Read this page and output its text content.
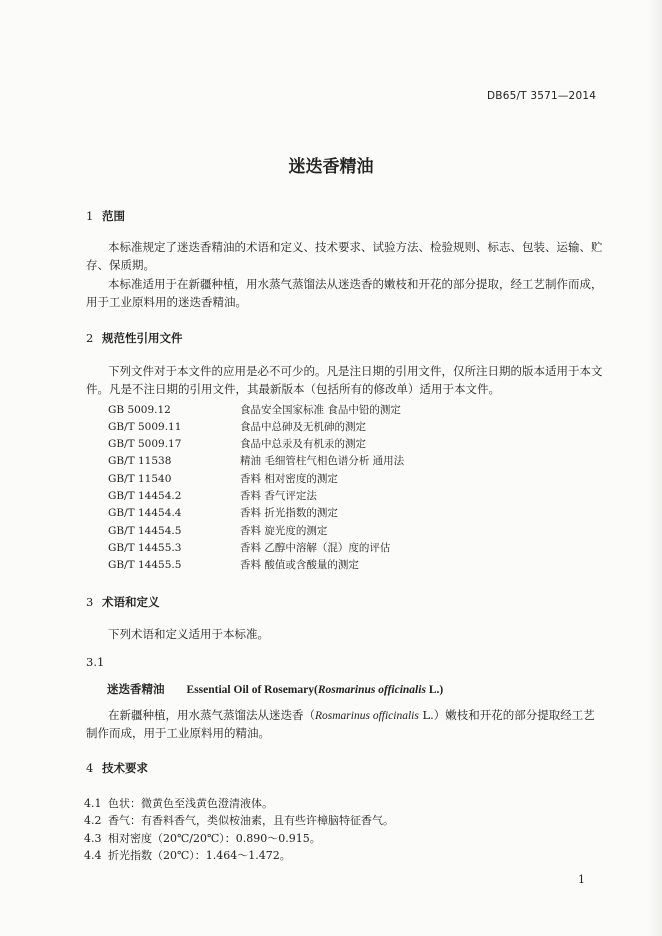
DB65/T 3571—2014
迷迭香精油
1 范围
本标准规定了迷迭香精油的术语和定义、技术要求、试验方法、检验规则、标志、包装、运输、贮
存、保质期。
本标准适用于在新疆种植，用水蒸气蒸馏法从迷迭香的嫩枝和开花的部分提取，经工艺制作而成，
用于工业原料用的迷迭香精油。
2 规范性引用文件
下列文件对于本文件的应用是必不可少的。凡是注日期的引用文件，仅所注日期的版本适用于本文
件。凡是不注日期的引用文件，其最新版本（包括所有的修改单）适用于本文件。
GB 5009.12	食品安全国家标准 食品中铅的测定
GB/T 5009.11	食品中总砷及无机砷的测定
GB/T 5009.17	食品中总汞及有机汞的测定
GB/T 11538	精油 毛细管柱气相色谱分析 通用法
GB/T 11540	香料 相对密度的测定
GB/T 14454.2	香料 香气评定法
GB/T 14454.4	香料 折光指数的测定
GB/T 14454.5	香料 旋光度的测定
GB/T 14455.3	香料 乙醇中溶解（混）度的评估
GB/T 14455.5	香料 酸值或含酸量的测定
3 术语和定义
下列术语和定义适用于本标准。
3.1
迷迭香精油 Essential Oil of Rosemary(Rosmarinus officinalis L.)
在新疆种植，用水蒸气蒸馏法从迷迭香（Rosmarinus officinalis L.）嫩枝和开花的部分提取经工艺
制作而成，用于工业原料用的精油。
4 技术要求
4.1 色状：微黄色至浅黄色澄清液体。
4.2 香气：有香料香气，类似桉油素，且有些许樟脑特征香气。
4.3 相对密度（20℃/20℃）：0.890～0.915。
4.4 折光指数（20℃）：1.464～1.472。
1
